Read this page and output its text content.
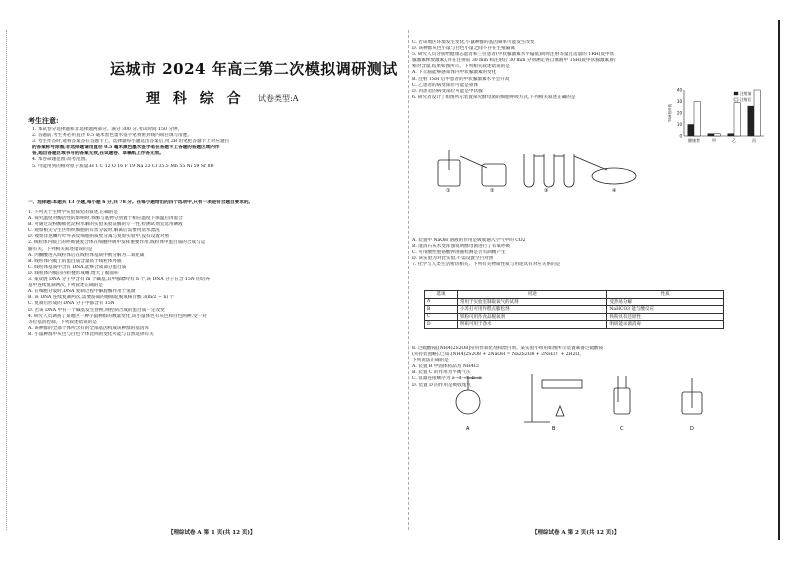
运城市 2024 年高三第二次模拟调研测试
理 科 综 合 试卷类型:A
考生注意:
1. 本试卷分选择题和非选择题两部分。满分 300 分,考试时间 150 分钟。
2. 答题前,考生务必用直径 0.5 毫米黑色墨水签字笔将密封线内项目填写清楚。
3. 考生作答时,请将答案答在答题卡上。选择题每小题选出答案后,用 2B 铅笔把答题卡上对应题目
的答案标号涂黑;非选择题请用直径 0.5 毫米黑色墨水签字笔在答题卡上各题的答题区域内作
答,超出答题区域书写的答案无效,在试题卷、草稿纸上作答无效。
4. 本卷命题范围:高考范围。
5. 可能用到的相对原子质量:H 1 C 12 O 16 F 19 Na 23 Cl 35.5 Mn 55 Ni 59 Sr 88
一、选择题:本题共 13 小题,每小题 6 分,共 78 分。在每小题给出的四个选项中,只有一项是符合题目要求的。
1. 下列关于生物学实验探究的叙述,正确的是
A. 探究温度对酶活性的影响时,将酶与底物分别置于相应温度下保温后再混合
B. 可通过淀粉酶催化淀粉水解的实验来验证酶的专一性,检测试剂宜选用碘液
C. 观察根尖分生区组织细胞的有丝分裂时,解离后需要用清水漂洗
D. 观察洋葱鳞片叶外表皮细胞的质壁分离与复原实验中,没有设置对照
2. 线粒体内膜上的呼吸链复合体在细胞呼吸中发挥重要作用,线粒体中蛋白质的合成与运
输有关。下列相关叙述错误的是
A. 丙酮酸进入线粒体后在线粒体基质中被分解为二氧化碳
B. 线粒体内膜上的蛋白质含量高于线粒体外膜
C. 线粒体基质中含有 DNA,能够合成部分蛋白质
D. 线粒体内膜向内折叠形成嵴,增大了膜面积
3. 某双链 DNA 分子中含有 m 个碱基,其中腺嘌呤有 n 个,该 DNA 分子在含 15N 的培养
基中连续复制两次,下列叙述正确的是
A. 在细胞分裂时,DNA 复制过程中解旋酶作用于氢键
B. 该 DNA 连续复制两次,需要游离的胞嘧啶脱氧核苷酸 3(m/2 − n) 个
C. 复制后形成的 DNA 分子中都含有 15N
D. 若该 DNA 中有一个碱基发生替换,则控制合成的蛋白质一定改变
4. 研究人员调查了某地区一种小鼠种群的数量变化,该小鼠体色有灰色和白色两种,受一对
等位基因控制。下列叙述错误的是
A. 该种群的全部个体所含有的全部基因构成该种群的基因库
B. 小鼠种群中灰色与白色个体比例的变化可能与自然选择有关
【理综试卷 A 第 1 页(共 12 页)】
C. 若该地区环境发生变化,小鼠种群的基因频率可能发生改变
D. 该种群灰色小鼠与白色小鼠之间不存在生殖隔离
5. 研究人员分别给健康志愿者和三位患者(甲状腺激素水平偏低)同时注射等量且适量的 TRH(促甲状
腺激素释放激素),并在注射前 30 min 和注射后 30 min 分别测定各自血液中 TSH(促甲状腺激素)的
相对含量,结果如图所示。下列相关叙述错误的是
A. 下丘脑能够感知体内甲状腺激素的变化
B. 注射 TSH 后甲患者的甲状腺激素水平会升高
C. 乙患者的病变部位可能是垂体
D. 丙患者的病变部位可能是甲状腺
6. 研究者设计了如图所示装置探究酵母菌的细胞呼吸方式,下列相关叙述正确的是
0
10
20
30
40
TSH相对值
健康者	甲	乙	丙
注射前
注射后
①	②	③	④
A. 装置中 NaOH 溶液的作用是吸收通入空气中的 CO2
B. 澄清石灰水变浑浊说明酵母菌进行了有氧呼吸
C. 可用酸性重铬酸钾溶液检测是否有酒精产生
D. 该实验为对比实验,不需设置空白对照
7. 化学与人类生活密切相关。下列有关物质性质与用途具有对应关系的是
选项	用途	性质
A	常用于实验室制取氧气的试剂	受热易分解
B	小苏打可用作糕点膨松剂	NaHCO3 能与酸反应
C	铁粉可用作食品脱氧剂	铁粉具有还原性
D	明矾可用于净水	明矾能杀菌消毒
8. 过硫酸铵[(NH4)2S2O8]常用作氧化剂和漂白剂。某实验小组用如图所示装置制备过硫酸铵
(夹持装置略),已知:(NH4)2S2O8 + 2NaOH = Na2S2O8 + 2NH3↑ + 2H2O。
下列说法正确的是
A. 装置 B 中固体药品为 NH4Cl
B. 装置 C 的作用为平衡气压
C. 仪器连接顺序为 a→d→e→b→c
D. 装置 D 的作用是吸收尾气
A	B	C	D
【理综试卷 A 第 2 页(共 12 页)】
